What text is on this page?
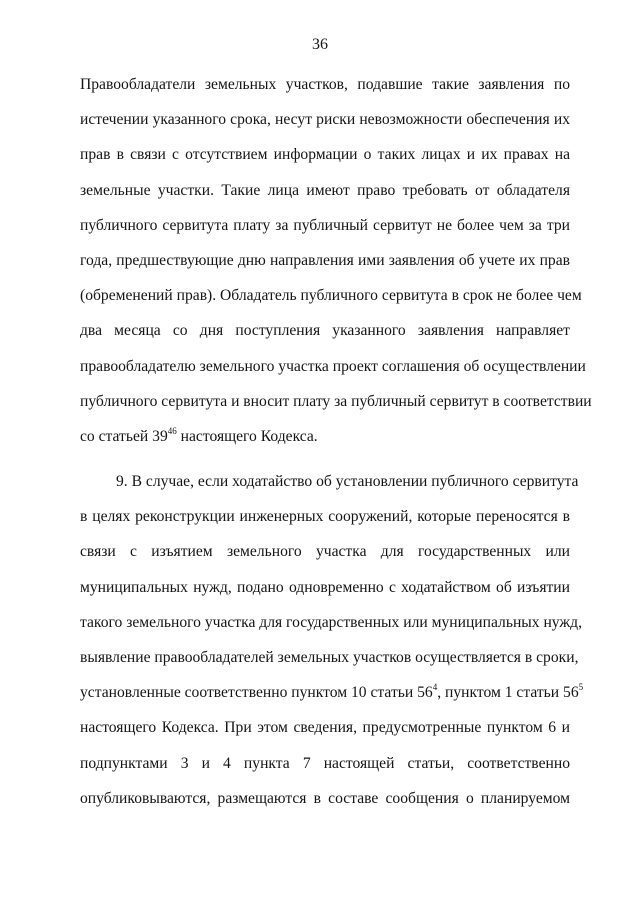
36
Правообладатели земельных участков, подавшие такие заявления по
истечении указанного срока, несут риски невозможности обеспечения их
прав в связи с отсутствием информации о таких лицах и их правах на
земельные участки. Такие лица имеют право требовать от обладателя
публичного сервитута плату за публичный сервитут не более чем за три
года, предшествующие дню направления ими заявления об учете их прав
(обременений прав). Обладатель публичного сервитута в срок не более чем
два месяца со дня поступления указанного заявления направляет
правообладателю земельного участка проект соглашения об осуществлении
публичного сервитута и вносит плату за публичный сервитут в соответствии
со статьей $39^{46}$ настоящего Кодекса.
9. В случае, если ходатайство об установлении публичного сервитута
в целях реконструкции инженерных сооружений, которые переносятся в
связи с изъятием земельного участка для государственных или
муниципальных нужд, подано одновременно с ходатайством об изъятии
такого земельного участка для государственных или муниципальных нужд,
выявление правообладателей земельных участков осуществляется в сроки,
установленные соответственно пунктом 10 статьи $56^4$, пунктом 1 статьи $56^5$
настоящего Кодекса. При этом сведения, предусмотренные пунктом 6 и
подпунктами 3 и 4 пункта 7 настоящей статьи, соответственно
опубликовываются, размещаются в составе сообщения о планируемом
